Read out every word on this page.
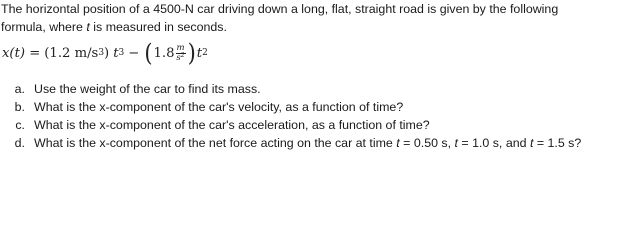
The horizontal position of a 4500-N car driving down a long, flat, straight road is given by the following
formula, where t is measured in seconds.
x(t) = (1.2 m/s 3 ) t 3 − ( $1.8 \frac{m}{s^2}$ ) t 2
a. Use the weight of the car to find its mass.
b. What is the x-component of the car's velocity, as a function of time?
c. What is the x-component of the car's acceleration, as a function of time?
d. What is the x-component of the net force acting on the car at time t = 0.50 s, t = 1.0 s, and t = 1.5 s?
